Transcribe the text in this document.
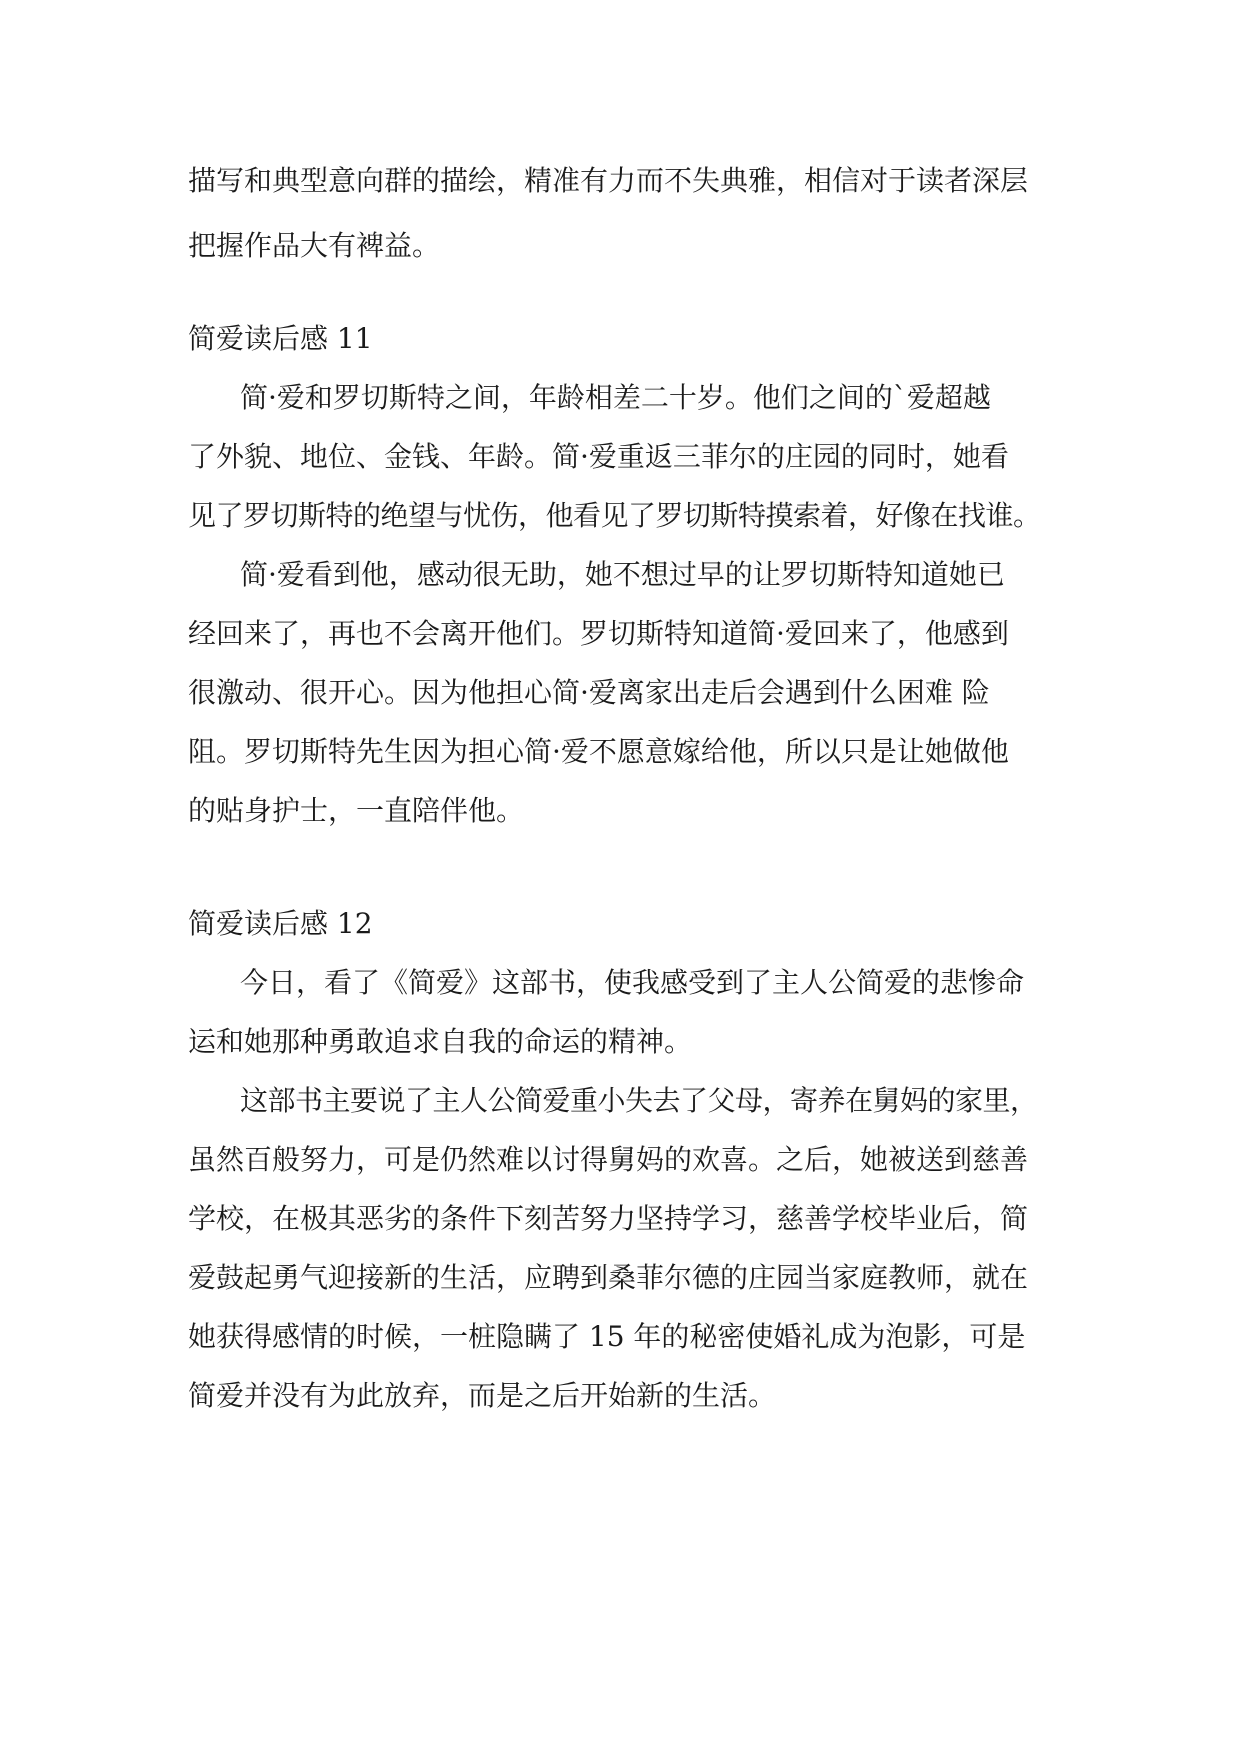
描写和典型意向群的描绘，精准有力而不失典雅，相信对于读者深层
把握作品大有裨益。
简爱读后感 11
简·爱和罗切斯特之间，年龄相差二十岁。他们之间的`爱超越
了外貌、地位、金钱、年龄。简·爱重返三菲尔的庄园的同时，她看
见了罗切斯特的绝望与忧伤，他看见了罗切斯特摸索着，好像在找谁。
简·爱看到他，感动很无助，她不想过早的让罗切斯特知道她已
经回来了，再也不会离开他们。罗切斯特知道简·爱回来了，他感到
很激动、很开心。因为他担心简·爱离家出走后会遇到什么困难 险
阻。罗切斯特先生因为担心简·爱不愿意嫁给他，所以只是让她做他
的贴身护士，一直陪伴他。
简爱读后感 12
今日，看了《简爱》这部书，使我感受到了主人公简爱的悲惨命
运和她那种勇敢追求自我的命运的精神。
这部书主要说了主人公简爱重小失去了父母，寄养在舅妈的家里，
虽然百般努力，可是仍然难以讨得舅妈的欢喜。之后，她被送到慈善
学校，在极其恶劣的条件下刻苦努力坚持学习，慈善学校毕业后，简
爱鼓起勇气迎接新的生活，应聘到桑菲尔德的庄园当家庭教师，就在
她获得感情的时候，一桩隐瞒了 15 年的秘密使婚礼成为泡影，可是
简爱并没有为此放弃，而是之后开始新的生活。
